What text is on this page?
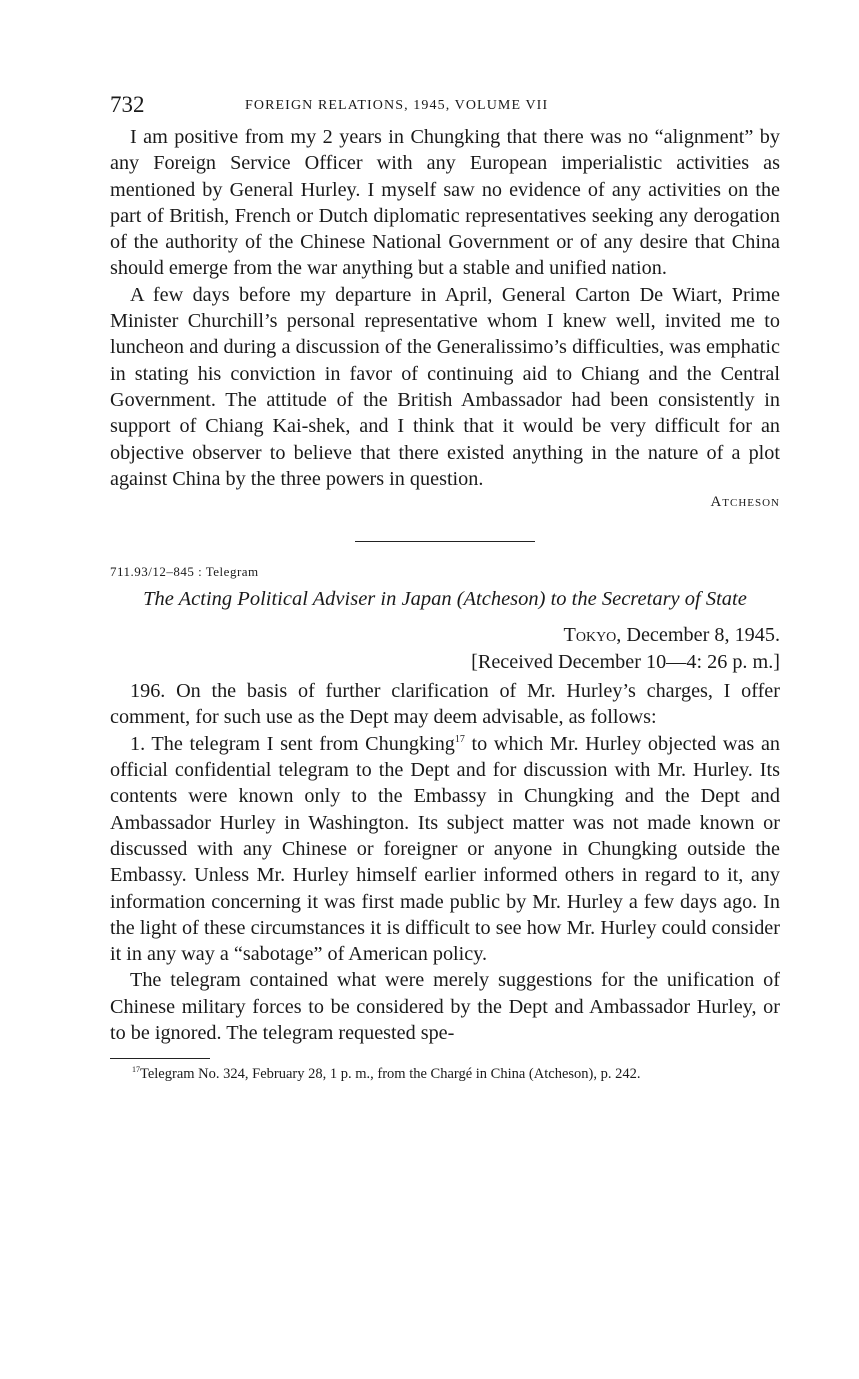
732	FOREIGN RELATIONS, 1945, VOLUME VII

I am positive from my 2 years in Chungking that there was no “alignment” by any Foreign Service Officer with any European imperialistic activities as mentioned by General Hurley. I myself saw no evidence of any activities on the part of British, French or Dutch diplomatic representatives seeking any derogation of the authority of the Chinese National Government or of any desire that China should emerge from the war anything but a stable and unified nation.

A few days before my departure in April, General Carton De Wiart, Prime Minister Churchill’s personal representative whom I knew well, invited me to luncheon and during a discussion of the Generalissimo’s difficulties, was emphatic in stating his conviction in favor of continuing aid to Chiang and the Central Government. The attitude of the British Ambassador had been consistently in support of Chiang Kai-shek, and I think that it would be very difficult for an objective observer to believe that there existed anything in the nature of a plot against China by the three powers in question.

Atcheson
711.93/12–845 : Telegram
The Acting Political Adviser in Japan (Atcheson) to the Secretary of State
Tokyo, December 8, 1945.
[Received December 10—4: 26 p. m.]

196. On the basis of further clarification of Mr. Hurley’s charges, I offer comment, for such use as the Dept may deem advisable, as follows:

1. The telegram I sent from Chungking$^{17}$ to which Mr. Hurley objected was an official confidential telegram to the Dept and for discussion with Mr. Hurley. Its contents were known only to the Embassy in Chungking and the Dept and Ambassador Hurley in Washington. Its subject matter was not made known or discussed with any Chinese or foreigner or anyone in Chungking outside the Embassy. Unless Mr. Hurley himself earlier informed others in regard to it, any information concerning it was first made public by Mr. Hurley a few days ago. In the light of these circumstances it is difficult to see how Mr. Hurley could consider it in any way a “sabotage” of American policy.

The telegram contained what were merely suggestions for the unification of Chinese military forces to be considered by the Dept and Ambassador Hurley, or to be ignored. The telegram requested spe-

$^{17}$Telegram No. 324, February 28, 1 p. m., from the Chargé in China (Atcheson), p. 242.
